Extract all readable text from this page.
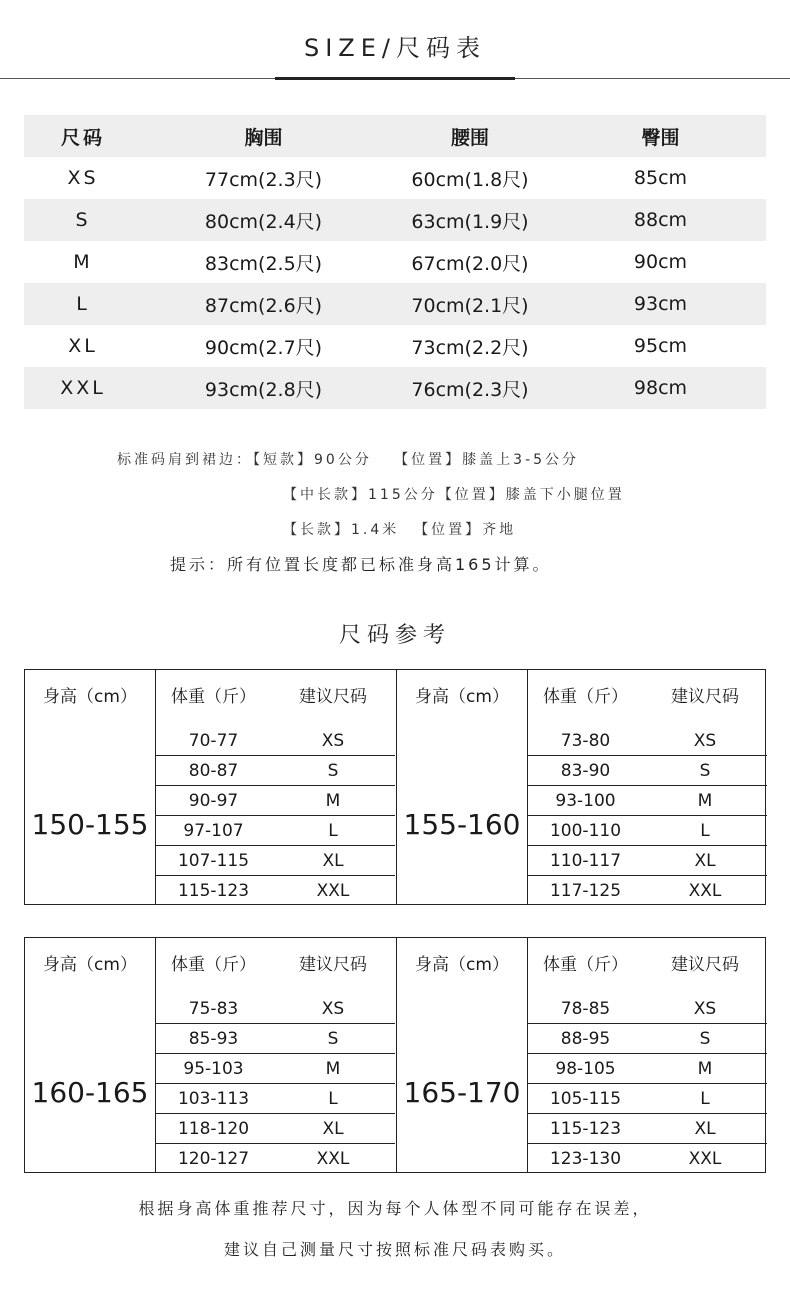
SIZE/尺码表
尺码	胸围	腰围	臀围
XS	77cm(2.3尺)	60cm(1.8尺)	85cm
S	80cm(2.4尺)	63cm(1.9尺)	88cm
M	83cm(2.5尺)	67cm(2.0尺)	90cm
L	87cm(2.6尺)	70cm(2.1尺)	93cm
XL	90cm(2.7尺)	73cm(2.2尺)	95cm
XXL	93cm(2.8尺)	76cm(2.3尺)	98cm

标准码肩到裙边：【短款】90公分   【位置】膝盖上3-5公分

【中长款】115公分【位置】膝盖下小腿位置

【长款】1.4米  【位置】齐地

提示：所有位置长度都已标准身高165计算。
尺码参考
身高（cm）
150-155
体重（斤）	建议尺码
70-77	XS
80-87	S
90-97	M
97-107	L
107-115	XL
115-123	XXL
身高（cm）
155-160
体重（斤）	建议尺码
73-80	XS
83-90	S
93-100	M
100-110	L
110-117	XL
117-125	XXL
身高（cm）
160-165
体重（斤）	建议尺码
75-83	XS
85-93	S
95-103	M
103-113	L
118-120	XL
120-127	XXL
身高（cm）
165-170
体重（斤）	建议尺码
78-85	XS
88-95	S
98-105	M
105-115	L
115-123	XL
123-130	XXL
根据身高体重推荐尺寸，因为每个人体型不同可能存在误差，
建议自己测量尺寸按照标准尺码表购买。
